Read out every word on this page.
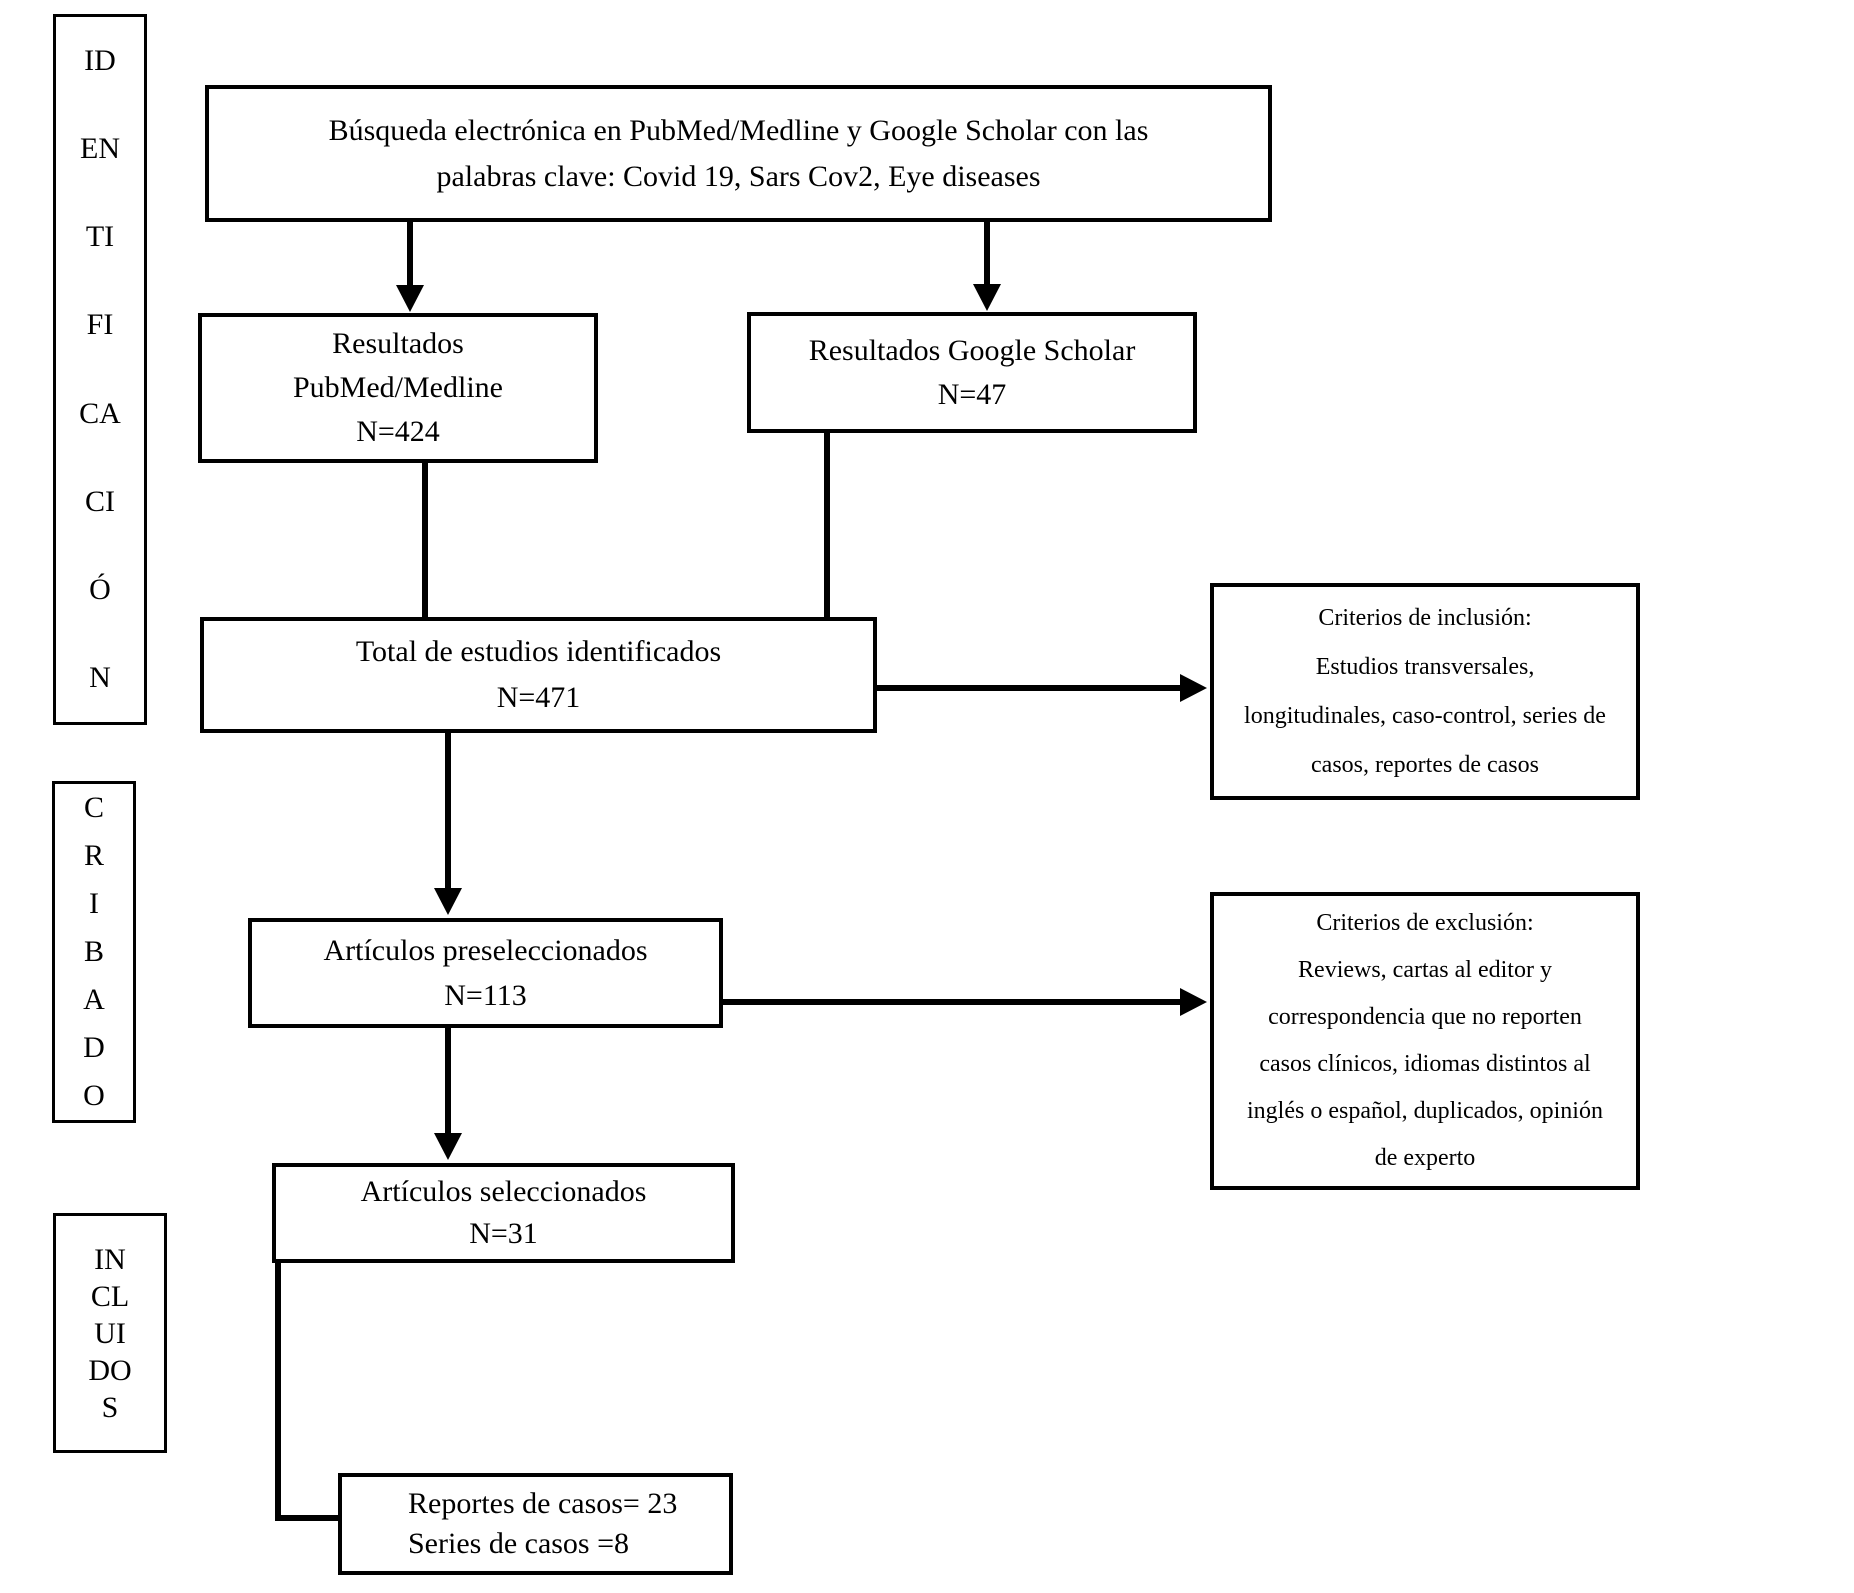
ID
EN
TI
FI
CA
CI
Ó
N
C
R
I
B
A
D
O
IN
CL
UI
DO
S
Búsqueda electrónica en PubMed/Medline y Google Scholar con las
palabras clave: Covid 19, Sars Cov2, Eye diseases
Resultados
PubMed/Medline
N=424
Resultados Google Scholar
N=47
Total de estudios identificados
N=471
Criterios de inclusión:
Estudios transversales,
longitudinales, caso-control, series de
casos, reportes de casos
Criterios de exclusión:
Reviews, cartas al editor y
correspondencia que no reporten
casos clínicos, idiomas distintos al
inglés o español, duplicados, opinión
de experto
Artículos preseleccionados
N=113
Artículos seleccionados
N=31
Reportes de casos= 23
Series de casos =8
